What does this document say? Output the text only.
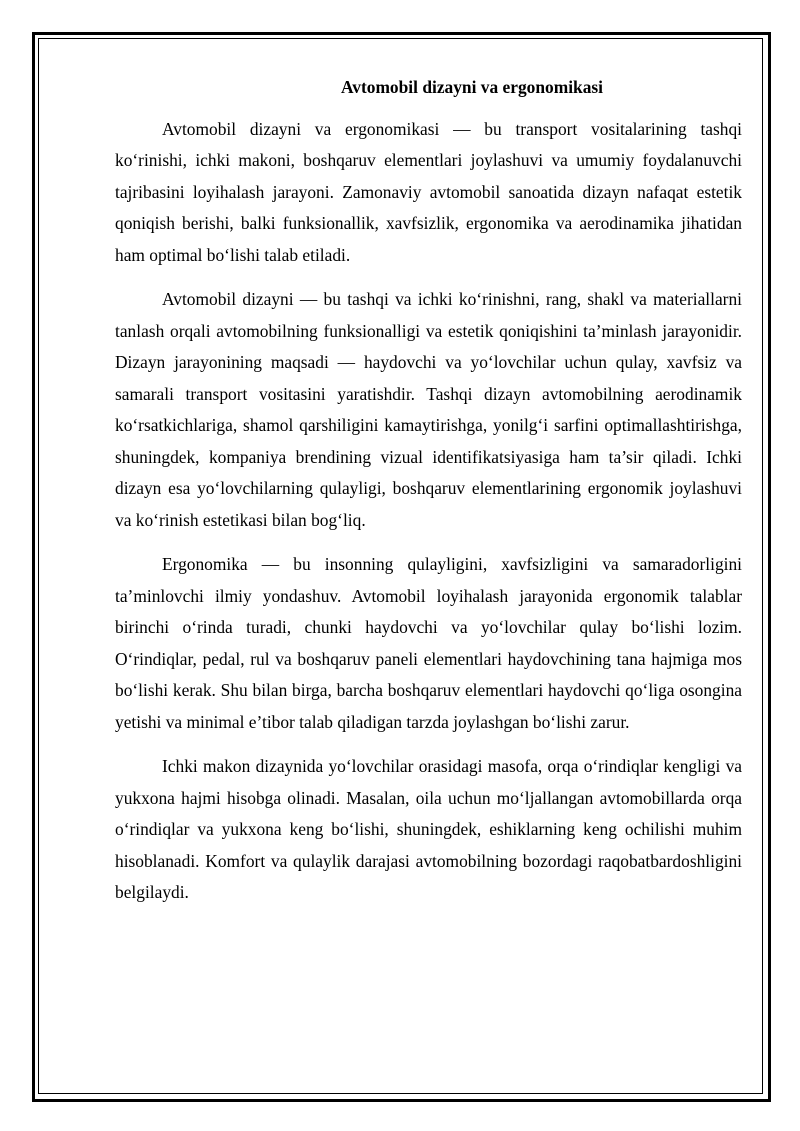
Avtomobil dizayni va ergonomikasi

Avtomobil dizayni va ergonomikasi — bu transport vositalarining tashqi ko‘rinishi, ichki makoni, boshqaruv elementlari joylashuvi va umumiy foydalanuvchi tajribasini loyihalash jarayoni. Zamonaviy avtomobil sanoatida dizayn nafaqat estetik qoniqish berishi, balki funksionallik, xavfsizlik, ergonomika va aerodinamika jihatidan ham optimal bo‘lishi talab etiladi.

Avtomobil dizayni — bu tashqi va ichki ko‘rinishni, rang, shakl va materiallarni tanlash orqali avtomobilning funksionalligi va estetik qoniqishini ta’minlash jarayonidir. Dizayn jarayonining maqsadi — haydovchi va yo‘lovchilar uchun qulay, xavfsiz va samarali transport vositasini yaratishdir. Tashqi dizayn avtomobilning aerodinamik ko‘rsatkichlariga, shamol qarshiligini kamaytirishga, yonilg‘i sarfini optimallashtirishga, shuningdek, kompaniya brendining vizual identifikatsiyasiga ham ta’sir qiladi. Ichki dizayn esa yo‘lovchilarning qulayligi, boshqaruv elementlarining ergonomik joylashuvi va ko‘rinish estetikasi bilan bog‘liq.

Ergonomika — bu insonning qulayligini, xavfsizligini va samaradorligini ta’minlovchi ilmiy yondashuv. Avtomobil loyihalash jarayonida ergonomik talablar birinchi o‘rinda turadi, chunki haydovchi va yo‘lovchilar qulay bo‘lishi lozim. O‘rindiqlar, pedal, rul va boshqaruv paneli elementlari haydovchining tana hajmiga mos bo‘lishi kerak. Shu bilan birga, barcha boshqaruv elementlari haydovchi qo‘liga osongina yetishi va minimal e’tibor talab qiladigan tarzda joylashgan bo‘lishi zarur.

Ichki makon dizaynida yo‘lovchilar orasidagi masofa, orqa o‘rindiqlar kengligi va yukxona hajmi hisobga olinadi. Masalan, oila uchun mo‘ljallangan avtomobillarda orqa o‘rindiqlar va yukxona keng bo‘lishi, shuningdek, eshiklarning keng ochilishi muhim hisoblanadi. Komfort va qulaylik darajasi avtomobilning bozordagi raqobatbardoshligini belgilaydi.
